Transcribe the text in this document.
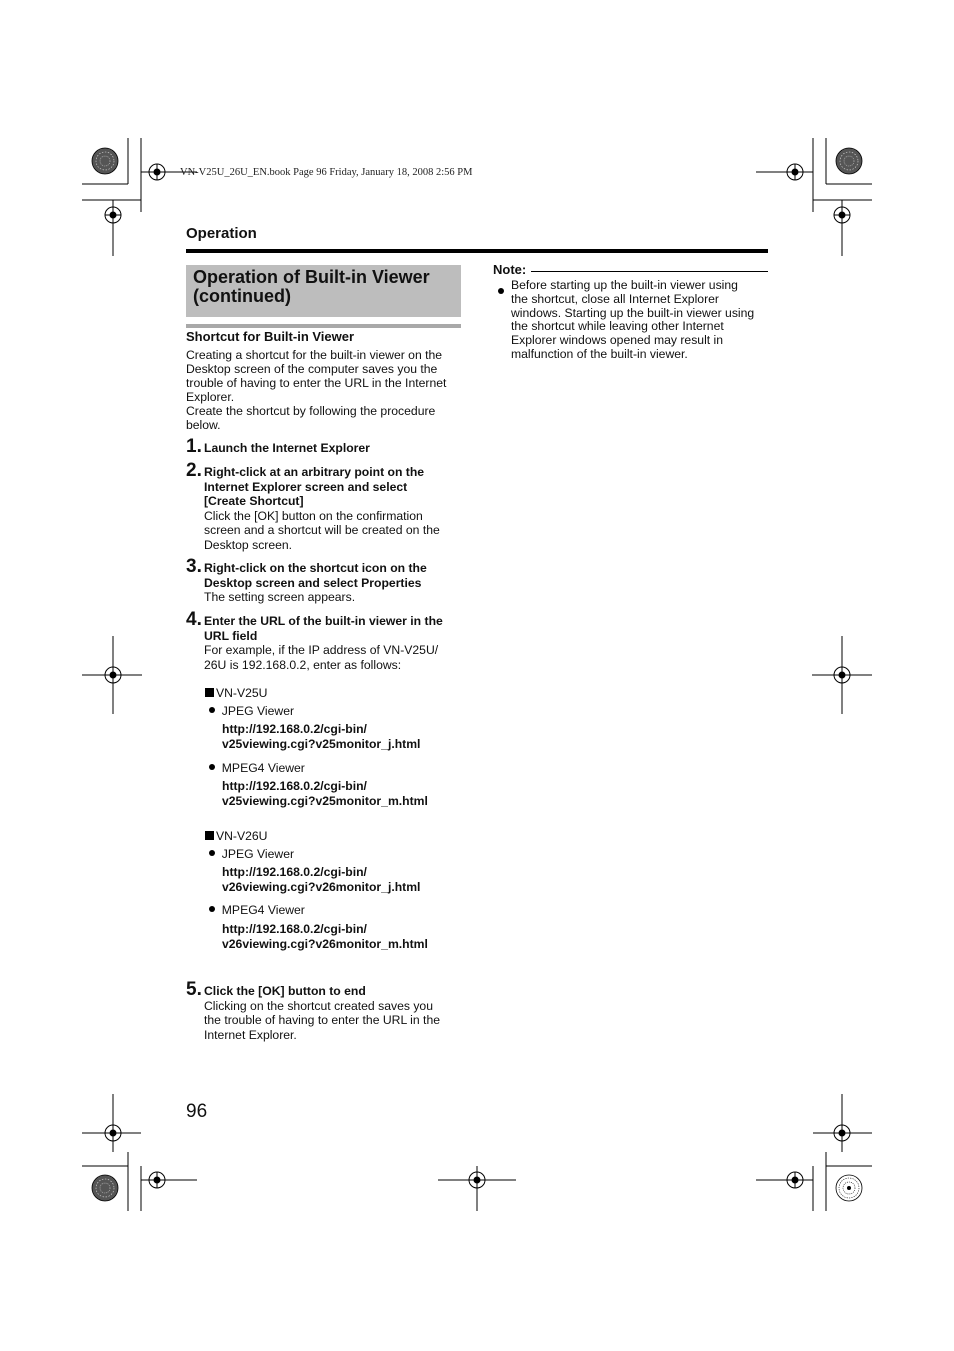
VN-V25U_26U_EN.book Page 96 Friday, January 18, 2008 2:56 PM
Operation
Operation of Built-in Viewer
(continued)
Shortcut for Built-in Viewer
Creating a shortcut for the built-in viewer on the
Desktop screen of the computer saves you the
trouble of having to enter the URL in the Internet
Explorer.
Create the shortcut by following the procedure
below.
1. Launch the Internet Explorer
2. Right-click at an arbitrary point on the
Internet Explorer screen and select
[Create Shortcut]
Click the [OK] button on the confirmation
screen and a shortcut will be created on the
Desktop screen.
3. Right-click on the shortcut icon on the
Desktop screen and select Properties
The setting screen appears.
4. Enter the URL of the built-in viewer in the
URL field
For example, if the IP address of VN-V25U/
26U is 192.168.0.2, enter as follows:
VN-V25U
JPEG Viewer
http://192.168.0.2/cgi-bin/
v25viewing.cgi?v25monitor_j.html
MPEG4 Viewer
http://192.168.0.2/cgi-bin/
v25viewing.cgi?v25monitor_m.html
VN-V26U
JPEG Viewer
http://192.168.0.2/cgi-bin/
v26viewing.cgi?v26monitor_j.html
MPEG4 Viewer
http://192.168.0.2/cgi-bin/
v26viewing.cgi?v26monitor_m.html
5. Click the [OK] button to end
Clicking on the shortcut created saves you
the trouble of having to enter the URL in the
Internet Explorer.
Note:
Before starting up the built-in viewer using
the shortcut, close all Internet Explorer
windows. Starting up the built-in viewer using
the shortcut while leaving other Internet
Explorer windows opened may result in
malfunction of the built-in viewer.
96
